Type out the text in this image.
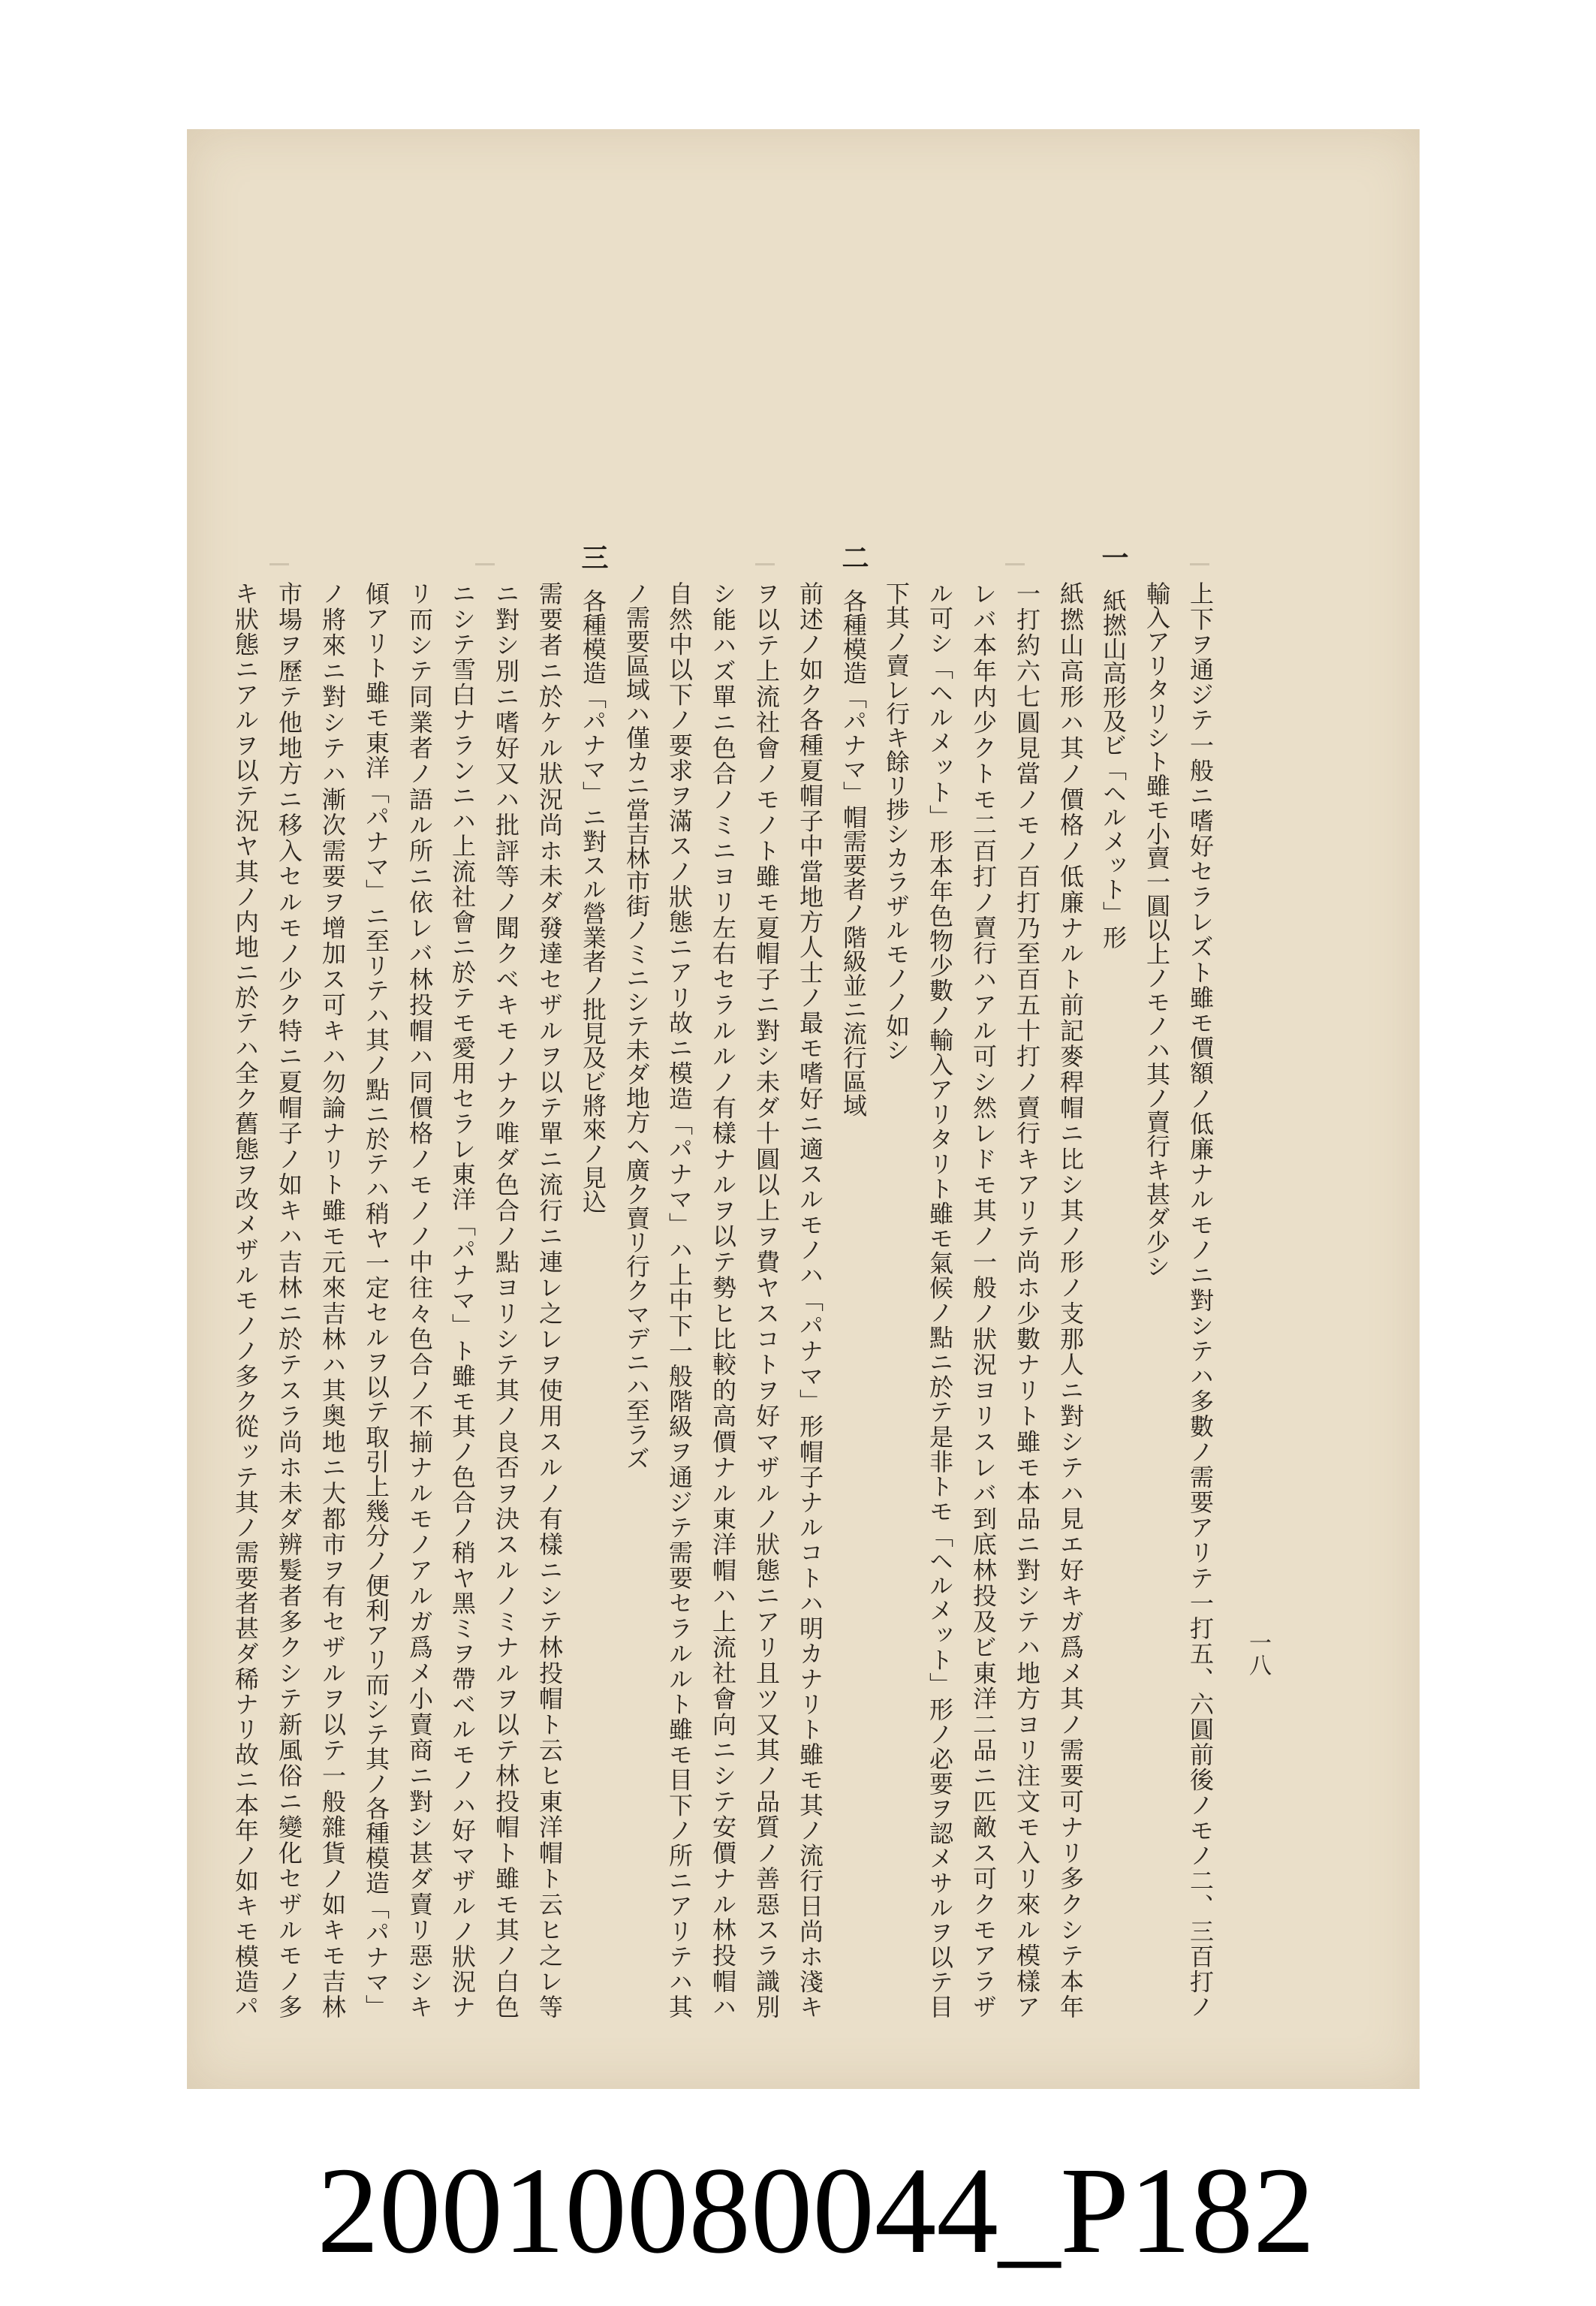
一
二
三
上下ヲ通ジテ一般ニ嗜好セラレズト雖モ價額ノ低廉ナルモノニ對シテハ多數ノ需要アリテ一打五、六圓前後ノモノ二、三百打ノ
輸入アリタリシト雖モ小賣一圓以上ノモノハ其ノ賣行キ甚ダ少シ
紙撚山高形及ビ「ヘルメット」形
紙撚山高形ハ其ノ價格ノ低廉ナルト前記麥稈帽ニ比シ其ノ形ノ支那人ニ對シテハ見エ好キガ爲メ其ノ需要可ナリ多クシテ本年
一打約六七圓見當ノモノ百打乃至百五十打ノ賣行キアリテ尚ホ少數ナリト雖モ本品ニ對シテハ地方ヨリ注文モ入リ來ル模樣ア
レバ本年内少クトモ二百打ノ賣行ハアル可シ然レドモ其ノ一般ノ狀況ヨリスレバ到底林投及ビ東洋二品ニ匹敵ス可クモアラザ
ル可シ「ヘルメット」形本年色物少數ノ輸入アリタリト雖モ氣候ノ點ニ於テ是非トモ「ヘルメット」形ノ必要ヲ認メサルヲ以テ目
下其ノ賣レ行キ餘リ捗シカラザルモノノ如シ
各種模造「パナマ」帽需要者ノ階級並ニ流行區域
前述ノ如ク各種夏帽子中當地方人士ノ最モ嗜好ニ適スルモノハ「パナマ」形帽子ナルコトハ明カナリト雖モ其ノ流行日尚ホ淺キ
ヲ以テ上流社會ノモノト雖モ夏帽子ニ對シ未ダ十圓以上ヲ費ヤスコトヲ好マザルノ狀態ニアリ且ツ又其ノ品質ノ善惡スラ識別
シ能ハズ單ニ色合ノミニヨリ左右セラルルノ有樣ナルヲ以テ勢ヒ比較的高價ナル東洋帽ハ上流社會向ニシテ安價ナル林投帽ハ
自然中以下ノ要求ヲ滿スノ狀態ニアリ故ニ模造「パナマ」ハ上中下一般階級ヲ通ジテ需要セラルルト雖モ目下ノ所ニアリテハ其
ノ需要區域ハ僅カニ當吉林市街ノミニシテ未ダ地方ヘ廣ク賣リ行クマデニハ至ラズ
各種模造「パナマ」ニ對スル營業者ノ批見及ビ將來ノ見込
需要者ニ於ケル狀況尚ホ未ダ發達セザルヲ以テ單ニ流行ニ連レ之レヲ使用スルノ有樣ニシテ林投帽ト云ヒ東洋帽ト云ヒ之レ等
ニ對シ別ニ嗜好又ハ批評等ノ聞クベキモノナク唯ダ色合ノ點ヨリシテ其ノ良否ヲ決スルノミナルヲ以テ林投帽ト雖モ其ノ白色
ニシテ雪白ナランニハ上流社會ニ於テモ愛用セラレ東洋「パナマ」ト雖モ其ノ色合ノ稍ヤ黑ミヲ帶ベルモノハ好マザルノ狀況ナ
リ而シテ同業者ノ語ル所ニ依レバ林投帽ハ同價格ノモノノ中往々色合ノ不揃ナルモノアルガ爲メ小賣商ニ對シ甚ダ賣リ惡シキ
傾アリト雖モ東洋「パナマ」ニ至リテハ其ノ點ニ於テハ稍ヤ一定セルヲ以テ取引上幾分ノ便利アリ而シテ其ノ各種模造「パナマ」
ノ將來ニ對シテハ漸次需要ヲ增加ス可キハ勿論ナリト雖モ元來吉林ハ其奥地ニ大都市ヲ有セザルヲ以テ一般雜貨ノ如キモ吉林
市場ヲ歷テ他地方ニ移入セルモノ少ク特ニ夏帽子ノ如キハ吉林ニ於テスラ尚ホ未ダ辨髮者多クシテ新風俗ニ變化セザルモノ多
キ狀態ニアルヲ以テ況ヤ其ノ内地ニ於テハ全ク舊態ヲ改メザルモノノ多ク從ッテ其ノ需要者甚ダ稀ナリ故ニ本年ノ如キモ模造パ	一八
20010080044_P182
